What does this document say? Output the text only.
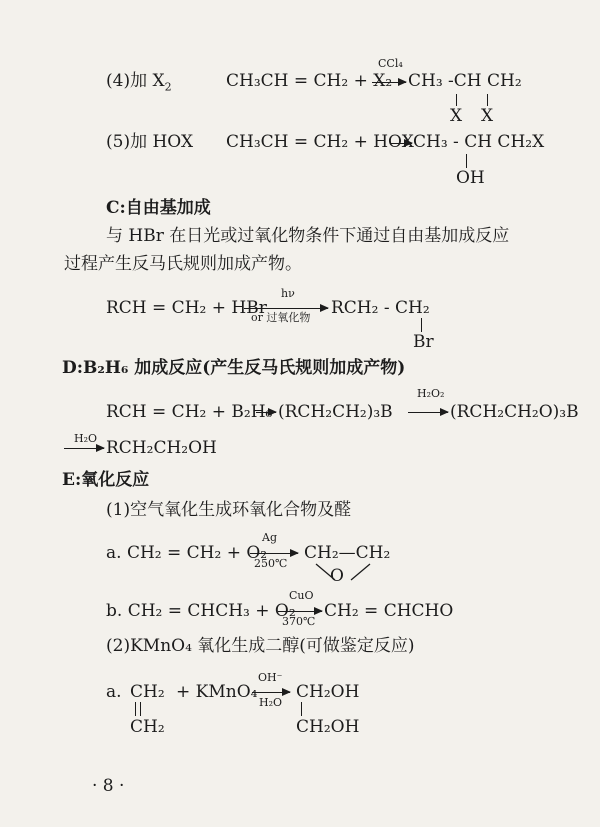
(4)加 $X_2$	CH₃CH = CH₂ + X₂
CCl₄
CH₃ -CH CH₂
X X
(5)加 HOX CH₃CH = CH₂ + HOX CH₃ - CH CH₂X
OH
C:自由基加成
与 HBr 在日光或过氧化物条件下通过自由基加成反应
过程产生反马氏规则加成产物。
RCH = CH₂ + HBr
hν
or 过氧化物 RCH₂ - CH₂
Br
D:B₂H₆ 加成反应(产生反马氏规则加成产物)
RCH = CH₂ + B₂H₆ (RCH₂CH₂)₃B
H₂O₂
(RCH₂CH₂O)₃B
H₂O RCH₂CH₂OH
E:氧化反应
(1)空气氧化生成环氧化合物及醛
a. CH₂ = CH₂ + O₂
Ag
250℃
CH₂—CH₂
O
b. CH₂ = CHCH₃ + O₂
CuO
370℃
CH₂ = CHCHO
(2)KMnO₄ 氧化生成二醇(可做鉴定反应)
a. CH₂
CH₂
+ KMnO₄
OH⁻
H₂O
CH₂OH
CH₂OH
· 8 ·
